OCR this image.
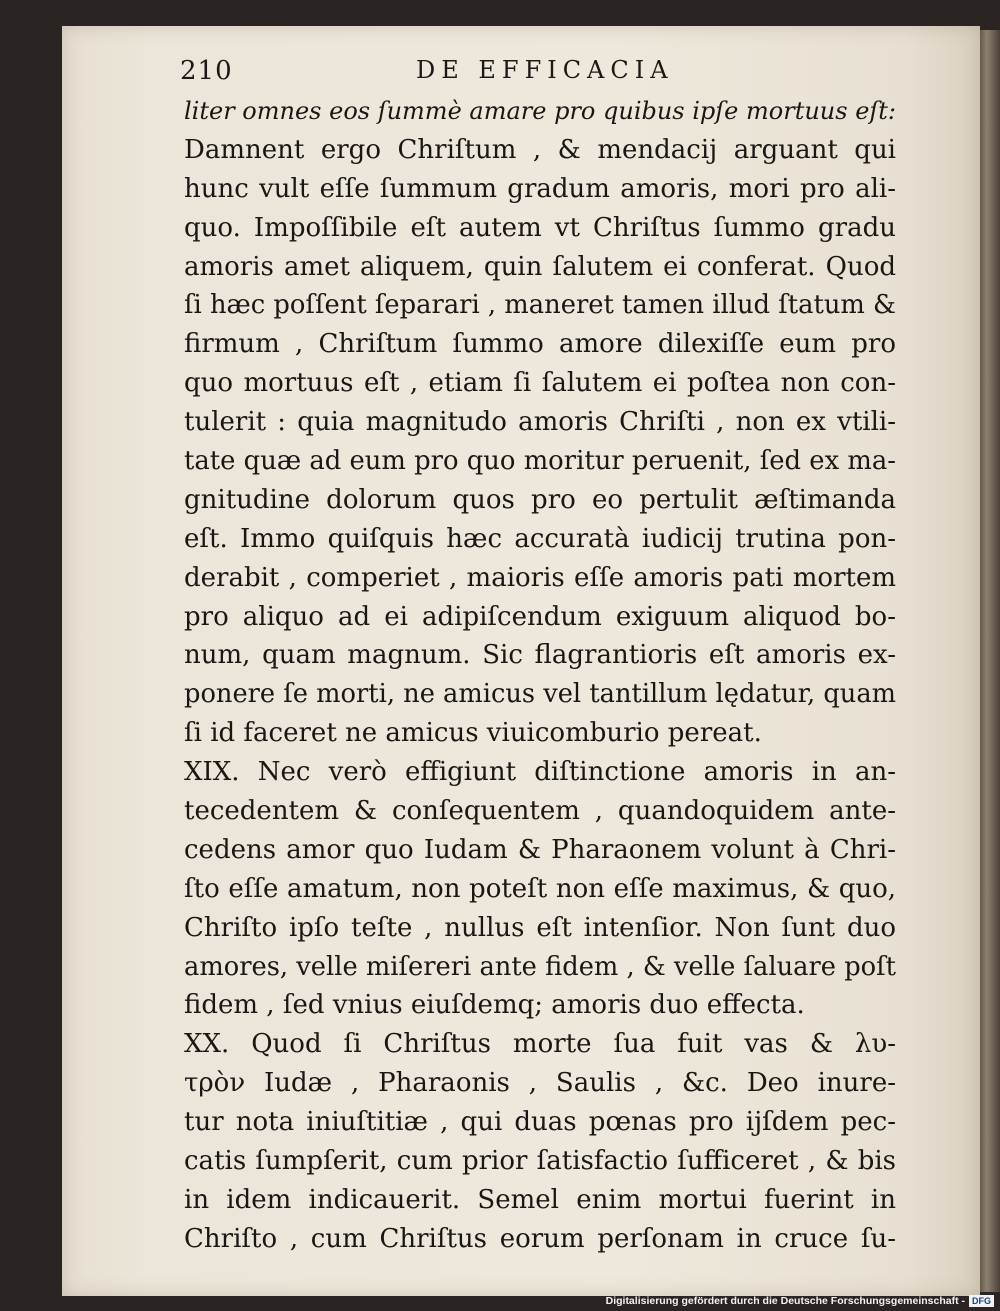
210	DE EFFICACIA
liter omnes eos ſummè amare pro quibus ipſe mortuus eſt:
Damnent ergo Chriſtum , & mendacij arguant qui
hunc vult eſſe ſummum gradum amoris, mori pro ali-
quo. Impoſſibile eſt autem vt Chriſtus ſummo gradu
amoris amet aliquem, quin ſalutem ei conferat. Quod
ſi hæc poſſent ſeparari , maneret tamen illud ſtatum &
firmum , Chriſtum ſummo amore dilexiſſe eum pro
quo mortuus eſt , etiam ſi ſalutem ei poſtea non con-
tulerit : quia magnitudo amoris Chriſti , non ex vtili-
tate quæ ad eum pro quo moritur peruenit, ſed ex ma-
gnitudine dolorum quos pro eo pertulit æſtimanda
eſt. Immo quiſquis hæc accuratà iudicij trutina pon-
derabit , comperiet , maioris eſſe amoris pati mortem
pro aliquo ad ei adipiſcendum exiguum aliquod bo-
num, quam magnum. Sic flagrantioris eſt amoris ex-
ponere ſe morti, ne amicus vel tantillum lędatur, quam
ſi id faceret ne amicus viuicomburio pereat.
XIX. Nec verò effigiunt diſtinctione amoris in an-
tecedentem & conſequentem , quandoquidem ante-
cedens amor quo Iudam & Pharaonem volunt à Chri-
ſto eſſe amatum, non poteſt non eſſe maximus, & quo,
Chriſto ipſo teſte , nullus eſt intenſior. Non ſunt duo
amores, velle miſereri ante fidem , & velle ſaluare poſt
fidem , ſed vnius eiuſdemq; amoris duo effecta.
XX. Quod ſi Chriſtus morte ſua fuit vas & λυ-
τρὸν Iudæ , Pharaonis , Saulis , &c. Deo inure-
tur nota iniuſtitiæ , qui duas pœnas pro ijſdem pec-
catis ſumpſerit, cum prior ſatisfactio ſufficeret , & bis
in idem indicauerit. Semel enim mortui fuerint in
Chriſto , cum Chriſtus eorum perſonam in cruce ſu-
Digitalisierung gefördert durch die Deutsche Forschungsgemeinschaft - DFG
